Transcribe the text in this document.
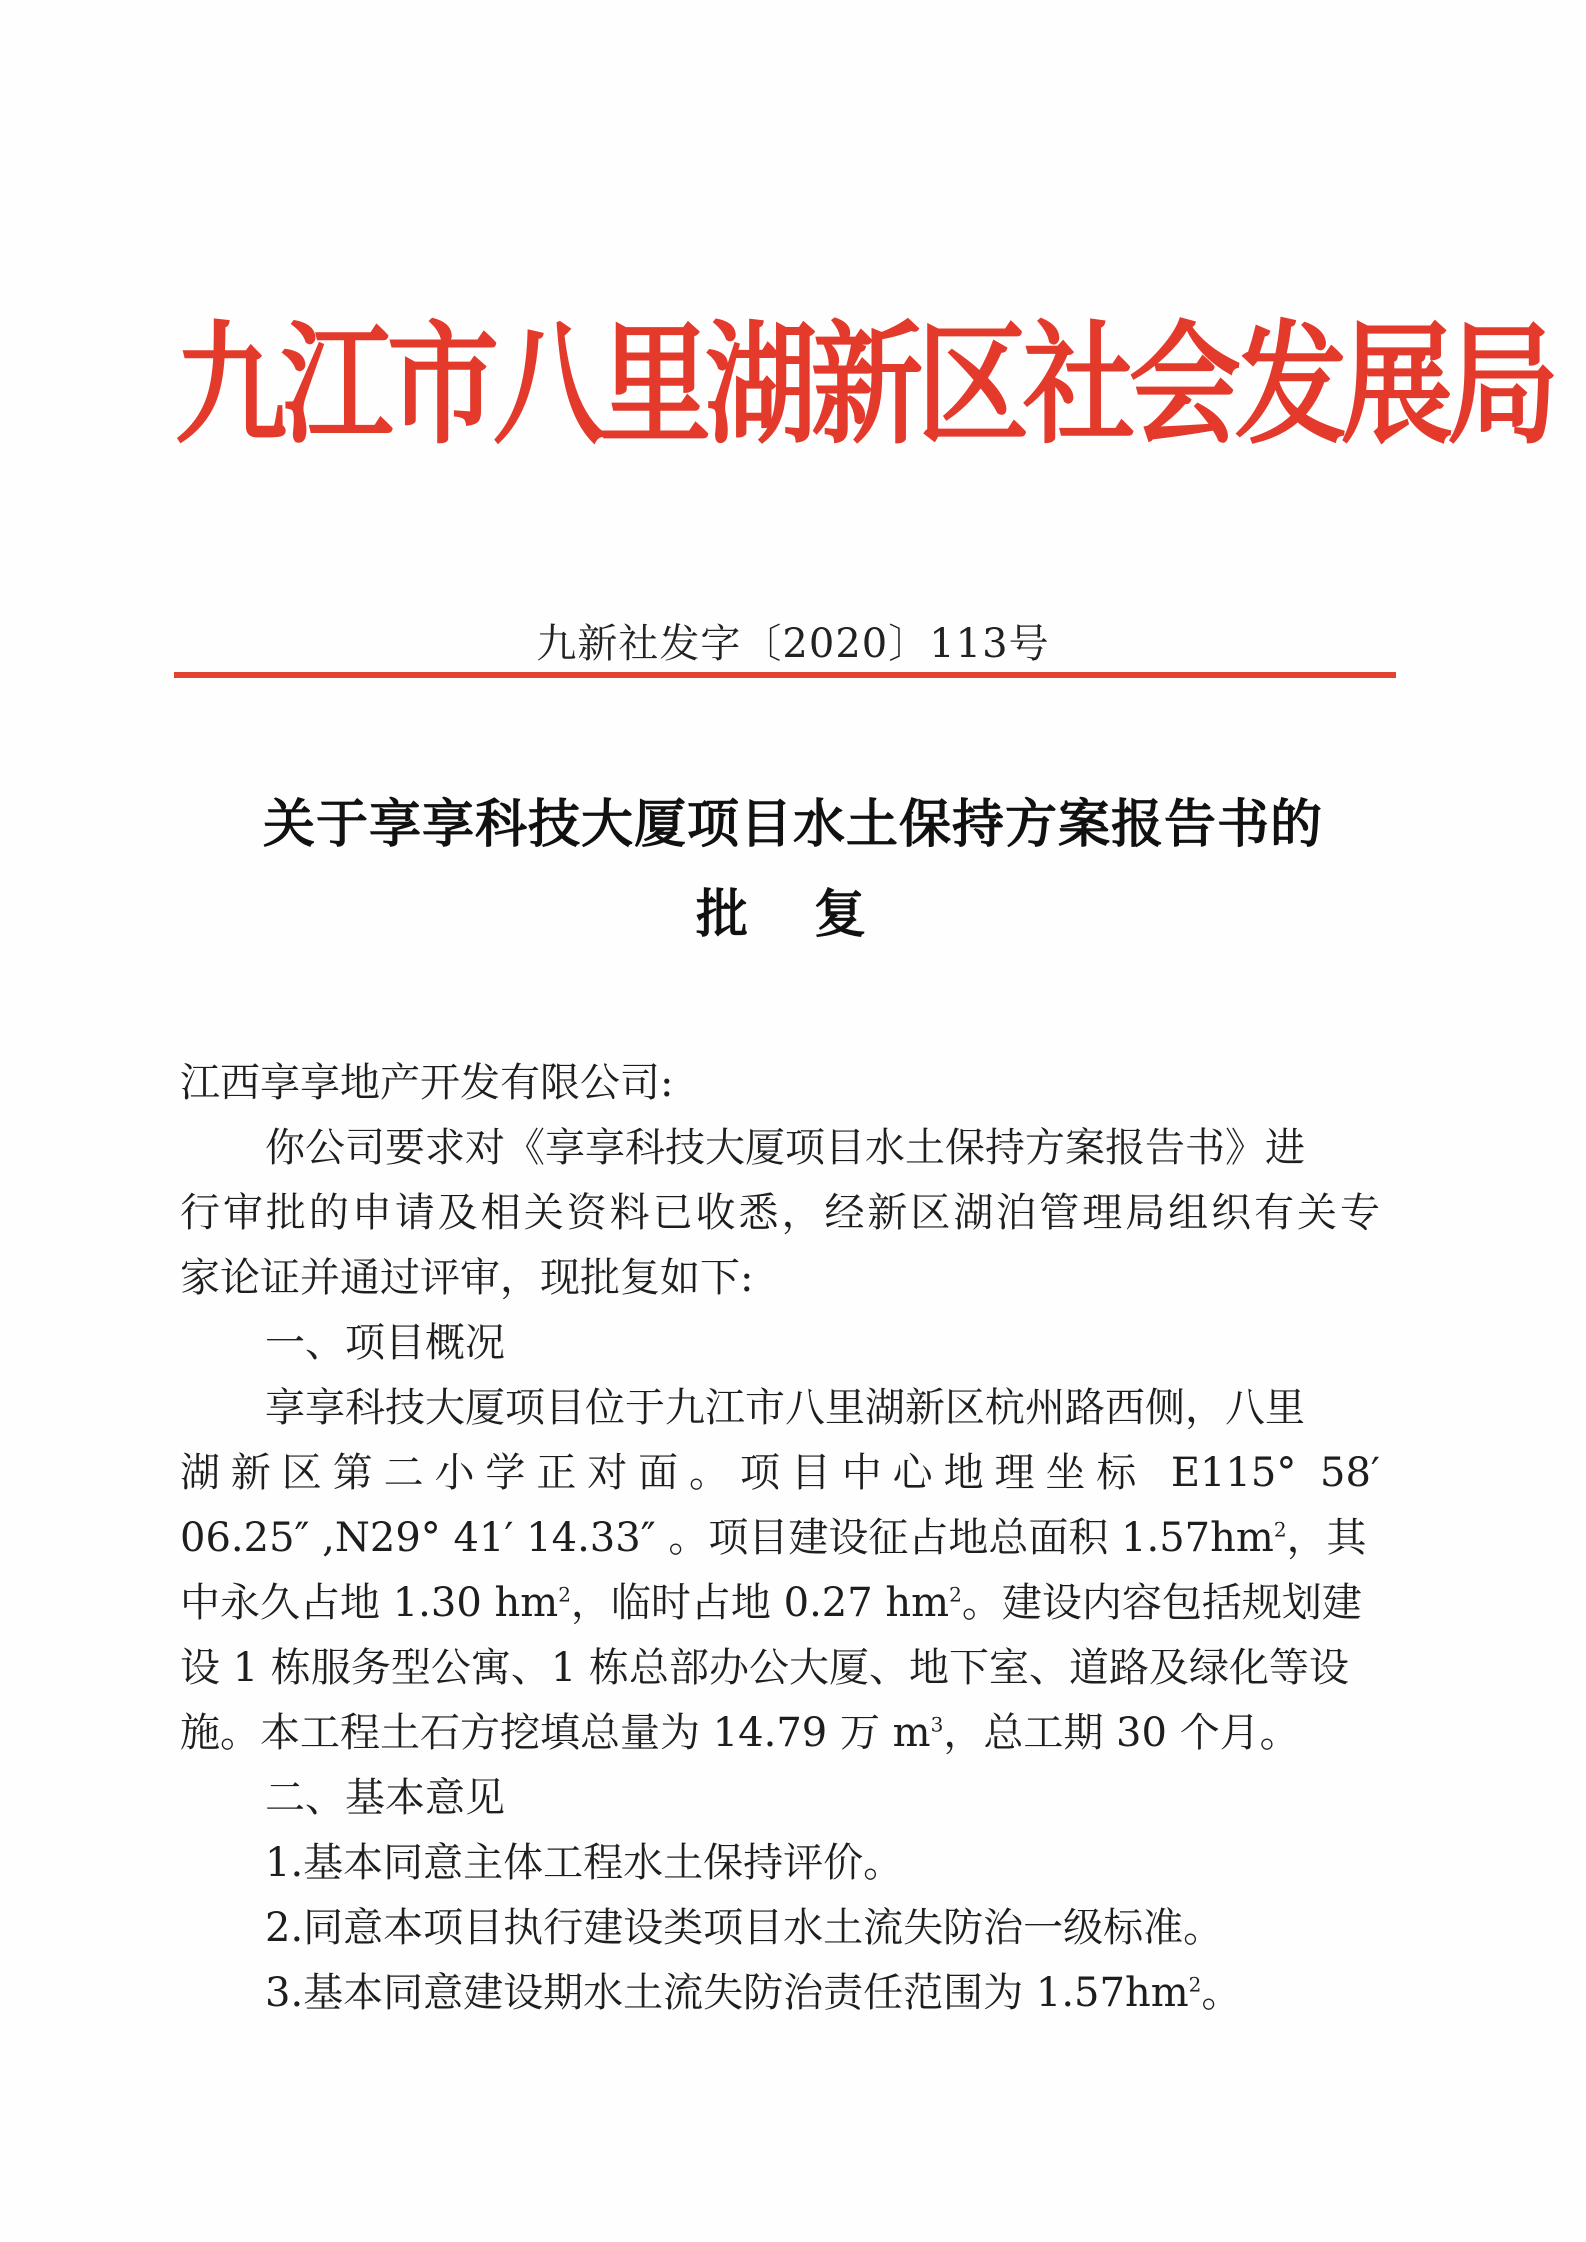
九江市八里湖新区社会发展局
九新社发字〔2020〕113号
关于享享科技大厦项目水土保持方案报告书的
批 复
江西享享地产开发有限公司:
你公司要求对《享享科技大厦项目水土保持方案报告书》进
行审批的申请及相关资料已收悉，经新区湖泊管理局组织有关专
家论证并通过评审，现批复如下:
一、项目概况
享享科技大厦项目位于九江市八里湖新区杭州路西侧，八里
湖新区第二小学正对面。项目中心地理坐标 E115° 58′
06.25″ ,N29° 41′ 14.33″ 。项目建设征占地总面积 $1.57hm^2$，其
中永久占地 1.30 $hm^2$，临时占地 0.27 $hm^2$。建设内容包括规划建
设 1 栋服务型公寓、1 栋总部办公大厦、地下室、道路及绿化等设
施。本工程土石方挖填总量为 14.79 万 $m^3$，总工期 30 个月。
二、基本意见
1.基本同意主体工程水土保持评价。
2.同意本项目执行建设类项目水土流失防治一级标准。
3.基本同意建设期水土流失防治责任范围为 $1.57hm^2$。
